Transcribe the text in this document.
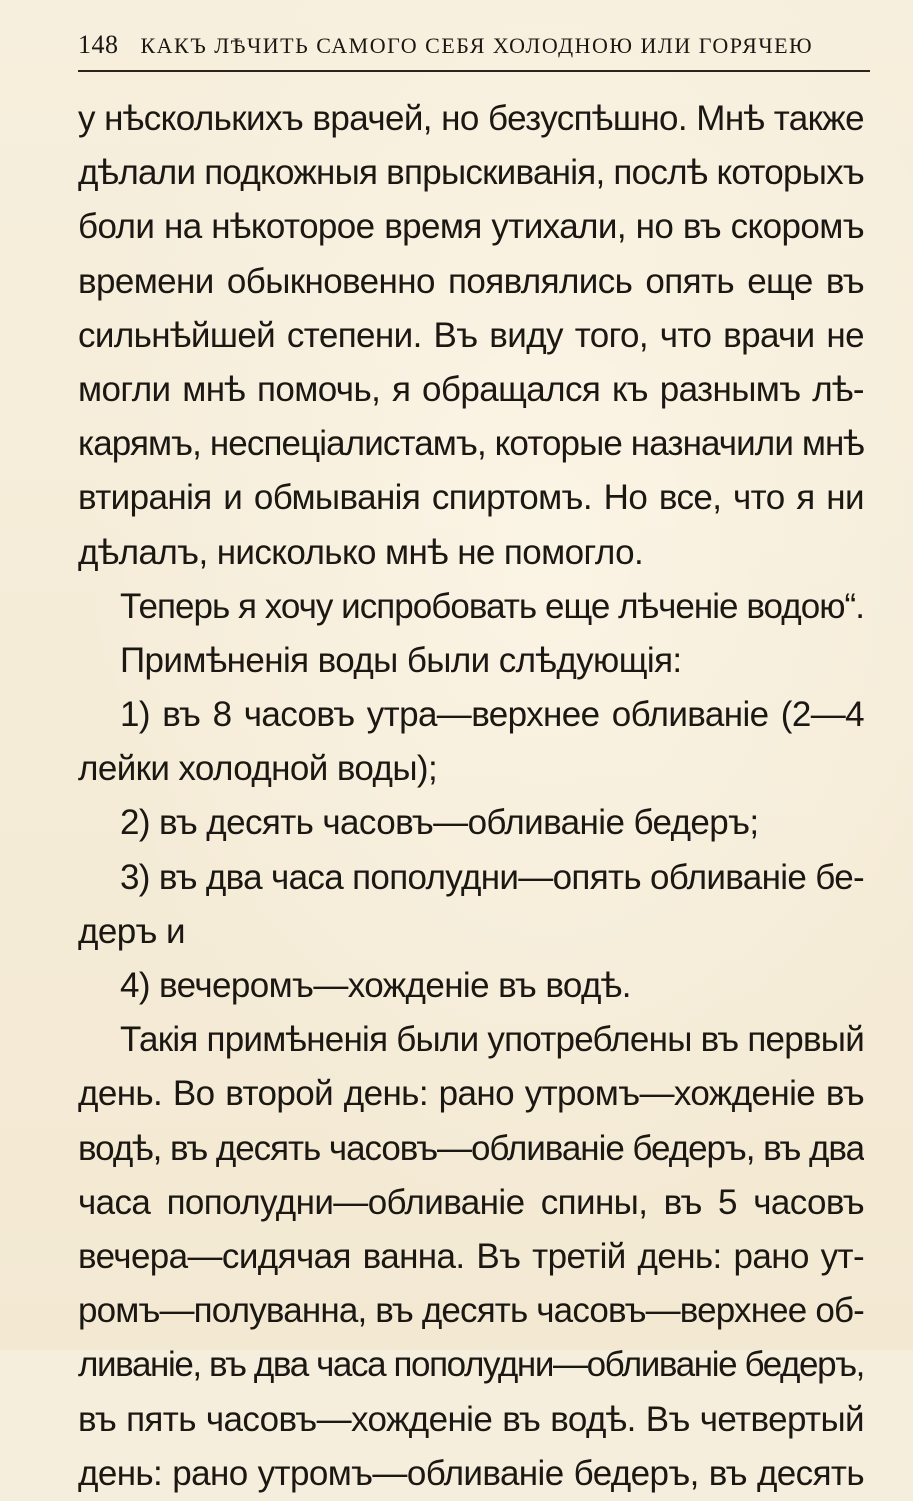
148 КАКЪ ЛѢЧИТЬ САМОГО СЕБЯ ХОЛОДНОЮ ИЛИ ГОРЯЧЕЮ
у нѣсколькихъ врачей, но безуспѣшно. Мнѣ также
дѣлали подкожныя впрыскиванія, послѣ которыхъ
боли на нѣкоторое время утихали, но въ скоромъ
времени обыкновенно появлялись опять еще въ
сильнѣйшей степени. Въ виду того, что врачи не
могли мнѣ помочь, я обращался къ разнымъ лѣ-
карямъ, неспеціалистамъ, которые назначили мнѣ
втиранія и обмыванія спиртомъ. Но все, что я ни
дѣлалъ, нисколько мнѣ не помогло.
Теперь я хочу испробовать еще лѣченіе водою“.
Примѣненія воды были слѣдующія:
1) въ 8 часовъ утра—верхнее обливаніе (2—4
лейки холодной воды);
2) въ десять часовъ—обливаніе бедеръ;
3) въ два часа пополудни—опять обливаніе бе-
деръ и
4) вечеромъ—хожденіе въ водѣ.
Такія примѣненія были употреблены въ первый
день. Во второй день: рано утромъ—хожденіе въ
водѣ, въ десять часовъ—обливаніе бедеръ, въ два
часа пополудни—обливаніе спины, въ 5 часовъ
вечера—сидячая ванна. Въ третій день: рано ут-
ромъ—полуванна, въ десять часовъ—верхнее об-
ливаніе, въ два часа пополудни—обливаніе бедеръ,
въ пять часовъ—хожденіе въ водѣ. Въ четвертый
день: рано утромъ—обливаніе бедеръ, въ десять
